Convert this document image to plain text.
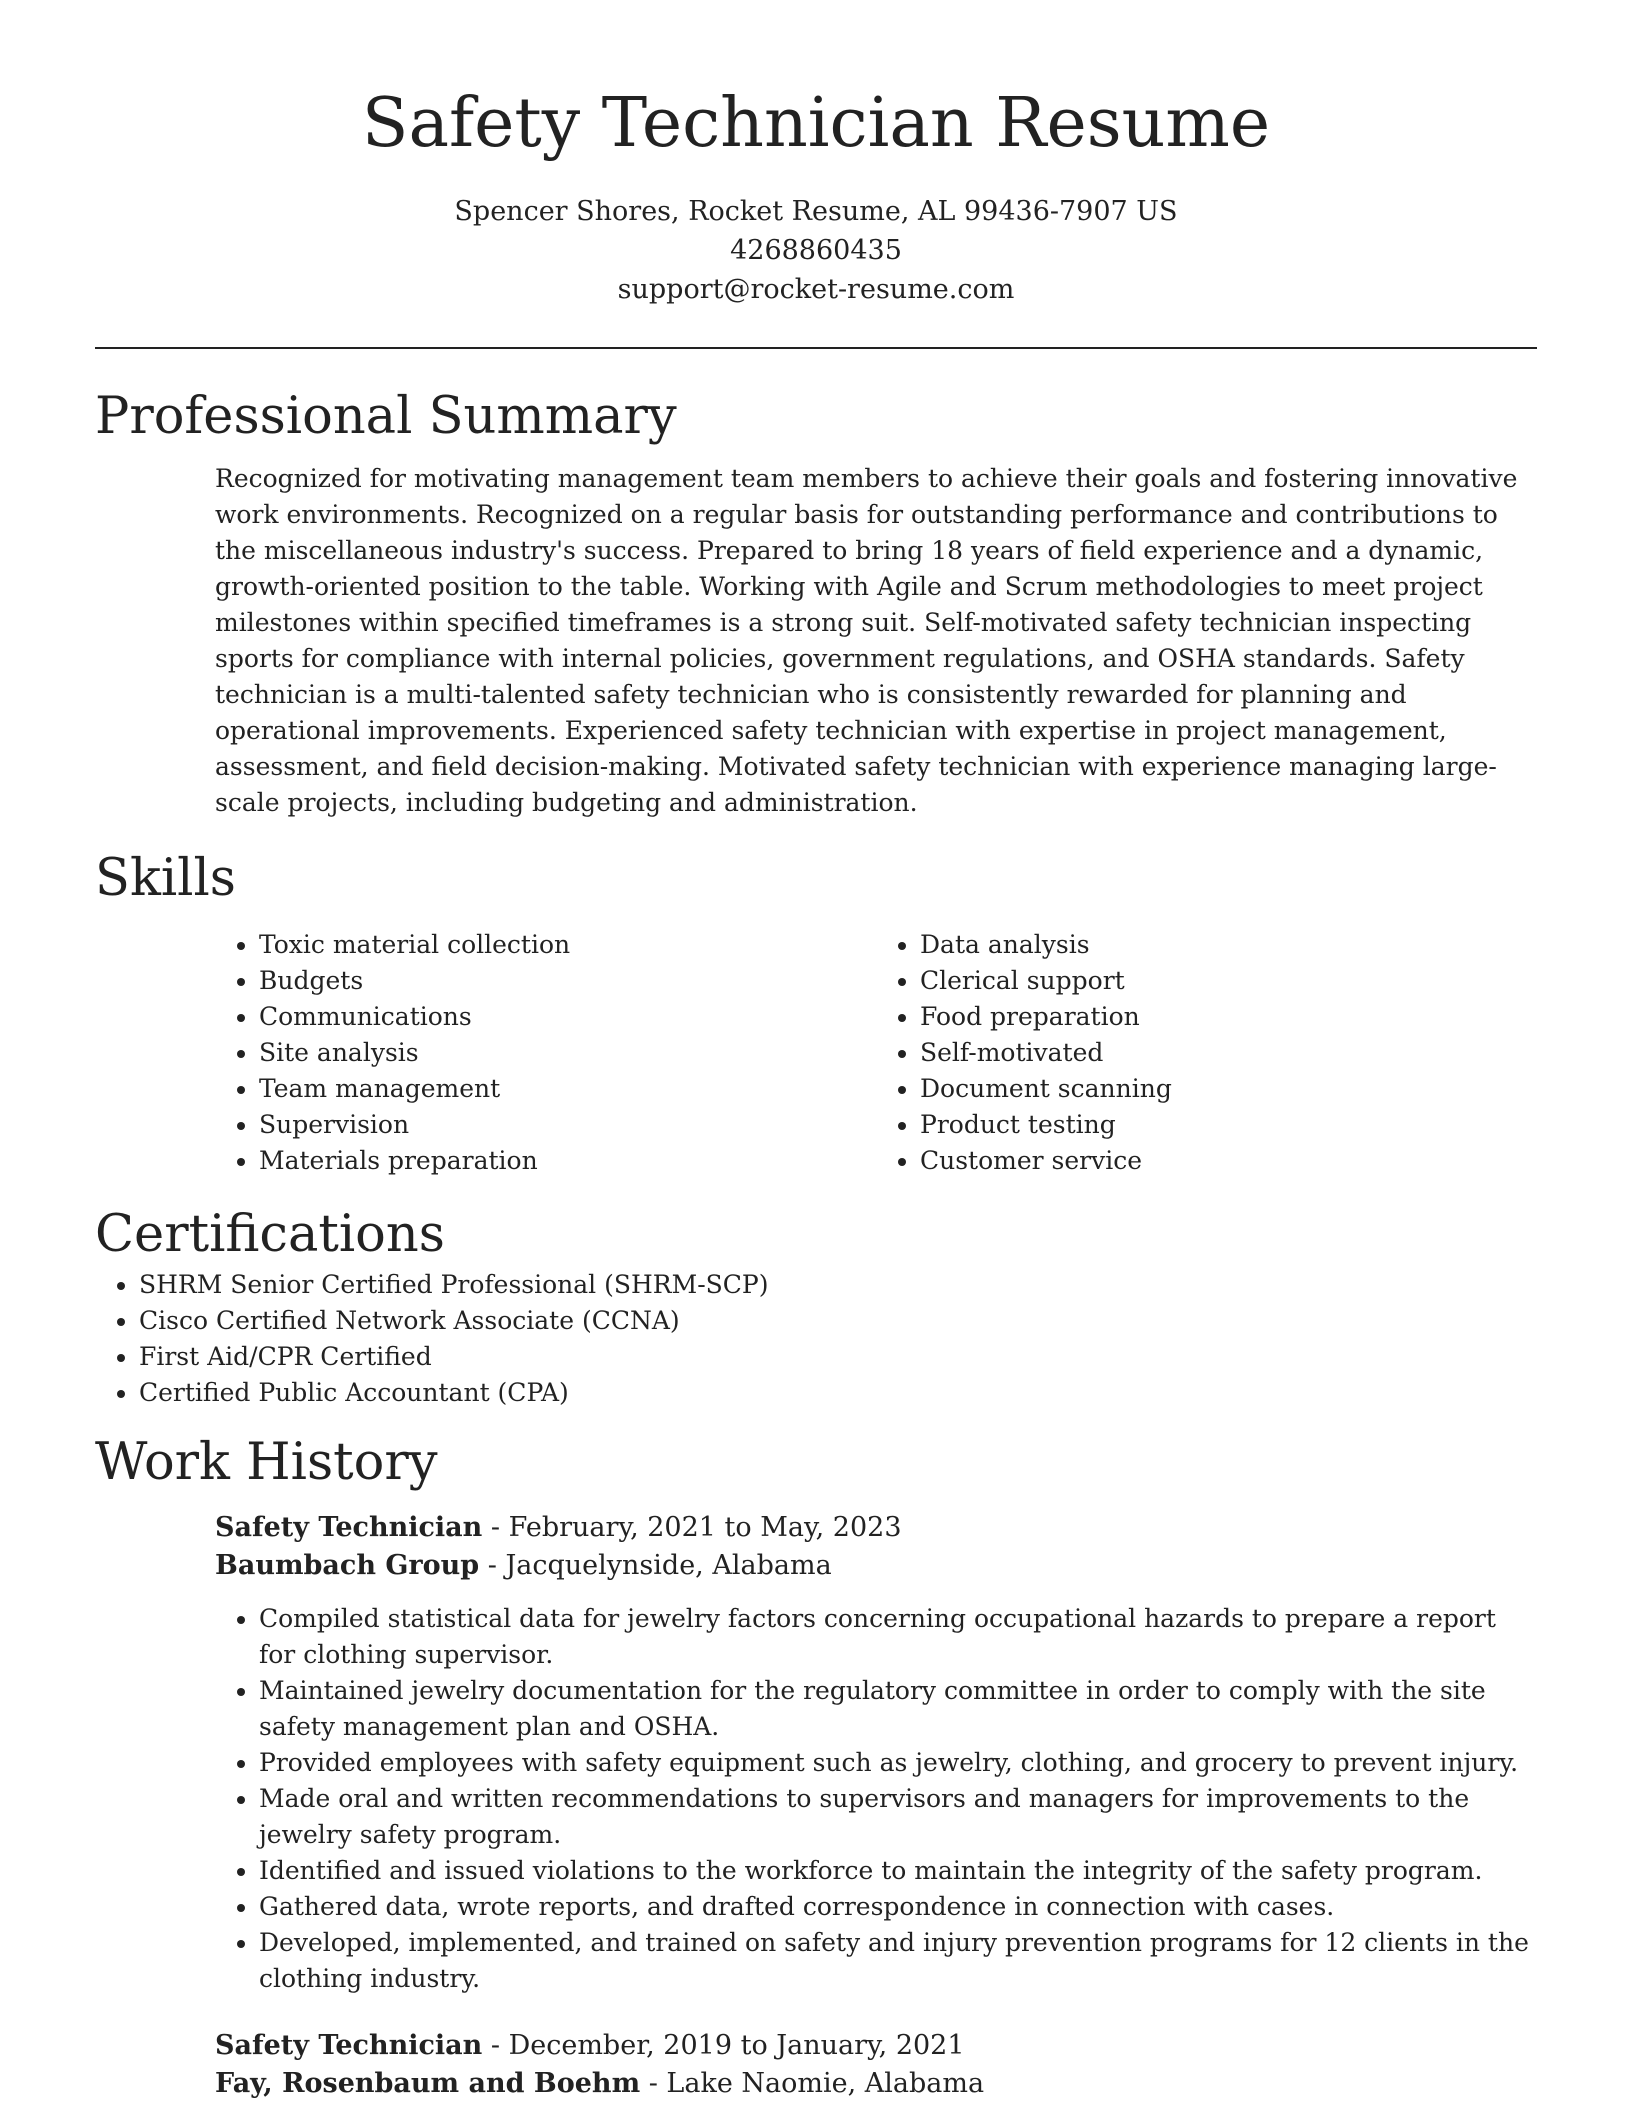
Safety Technician Resume
Spencer Shores, Rocket Resume, AL 99436-7907 US
4268860435
support@rocket-resume.com
Professional Summary

Recognized for motivating management team members to achieve their goals and fostering innovative work environments. Recognized on a regular basis for outstanding performance and contributions to the miscellaneous industry's success. Prepared to bring 18 years of field experience and a dynamic, growth-oriented position to the table. Working with Agile and Scrum methodologies to meet project milestones within specified timeframes is a strong suit. Self-motivated safety technician inspecting sports for compliance with internal policies, government regulations, and OSHA standards. Safety technician is a multi-talented safety technician who is consistently rewarded for planning and operational improvements. Experienced safety technician with expertise in project management, assessment, and field decision-making. Motivated safety technician with experience managing large-scale projects, including budgeting and administration.

Skills
• Toxic material collection
• Budgets
• Communications
• Site analysis
• Team management
• Supervision
• Materials preparation
• Data analysis
• Clerical support
• Food preparation
• Self-motivated
• Document scanning
• Product testing
• Customer service
Certifications
• SHRM Senior Certified Professional (SHRM-SCP)
• Cisco Certified Network Associate (CCNA)
• First Aid/CPR Certified
• Certified Public Accountant (CPA)
Work History
Safety Technician - February, 2021 to May, 2023
Baumbach Group - Jacquelynside, Alabama
• Compiled statistical data for jewelry factors concerning occupational hazards to prepare a report for clothing supervisor.
• Maintained jewelry documentation for the regulatory committee in order to comply with the site safety management plan and OSHA.
• Provided employees with safety equipment such as jewelry, clothing, and grocery to prevent injury.
• Made oral and written recommendations to supervisors and managers for improvements to the jewelry safety program.
• Identified and issued violations to the workforce to maintain the integrity of the safety program.
• Gathered data, wrote reports, and drafted correspondence in connection with cases.
• Developed, implemented, and trained on safety and injury prevention programs for 12 clients in the clothing industry.
Safety Technician - December, 2019 to January, 2021
Fay, Rosenbaum and Boehm - Lake Naomie, Alabama
